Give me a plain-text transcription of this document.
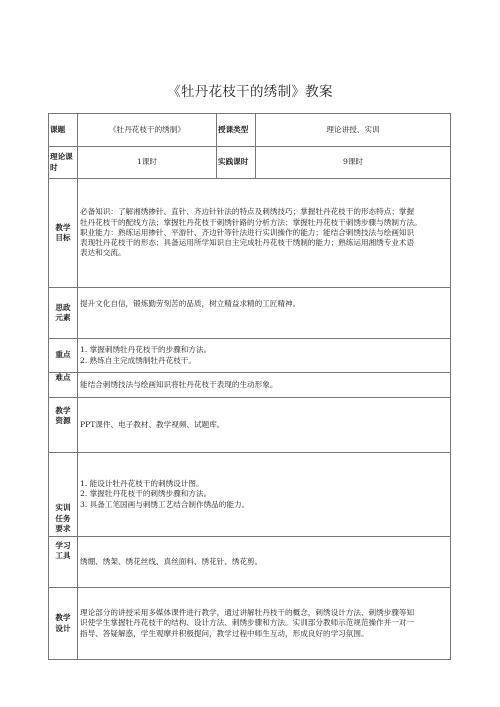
《牡丹花枝干的绣制》教案
课题	《牡丹花枝干的绣制》	授课类型	理论讲授、实训
理论课时	1课时	实践课时	9课时

教学
目标	必备知识：了解湘绣掺针、直针、齐边针针法的特点及刺绣技巧；掌握牡丹花枝干的形态特点；掌握
牡丹花枝干的配线方法；掌握牡丹花枝干刺绣针路的分析方法；掌握牡丹花枝干刺绣步骤与绣制方法。
职业能力：熟练运用掺针、平游针、齐边针等针法进行实训操作的能力；能结合刺绣技法与绘画知识
表现牡丹花枝干的形态；具备运用所学知识自主完成牡丹花枝干绣制的能力；熟练运用湘绣专业术语
表达和交流。		

思政
元素	提升文化自信，锻炼勤劳刻苦的品质，树立精益求精的工匠精神。		
重点	1. 掌握刺绣牡丹花枝干的步骤和方法。
2. 熟练自主完成绣制牡丹花枝干。		

难点	能结合刺绣技法与绘画知识将牡丹花枝干表现的生动形象。		

教学
资源	PPT课件、电子教材、教学视频、试题库。		

实训
任务
要求	1. 能设计牡丹花枝干的刺绣设计图。
2. 掌握牡丹花枝干的刺绣步骤和方法。
3. 具备工笔国画与刺绣工艺结合制作绣品的能力。		

学习
工具	绣绷、绣架、绣花丝线、真丝面料、绣花针、绣花剪。		

教学
设计	理论部分的讲授采用多媒体课件进行教学，通过讲解牡丹枝干的概念，刺绣设计方法、刺绣步骤等知
识使学生掌握牡丹花枝干的结构、设计方法、刺绣步骤和方法。实训部分教师示范规范操作并一对一
指导、答疑解惑，学生观摩并积极提问，教学过程中师生互动，形成良好的学习氛围。		
